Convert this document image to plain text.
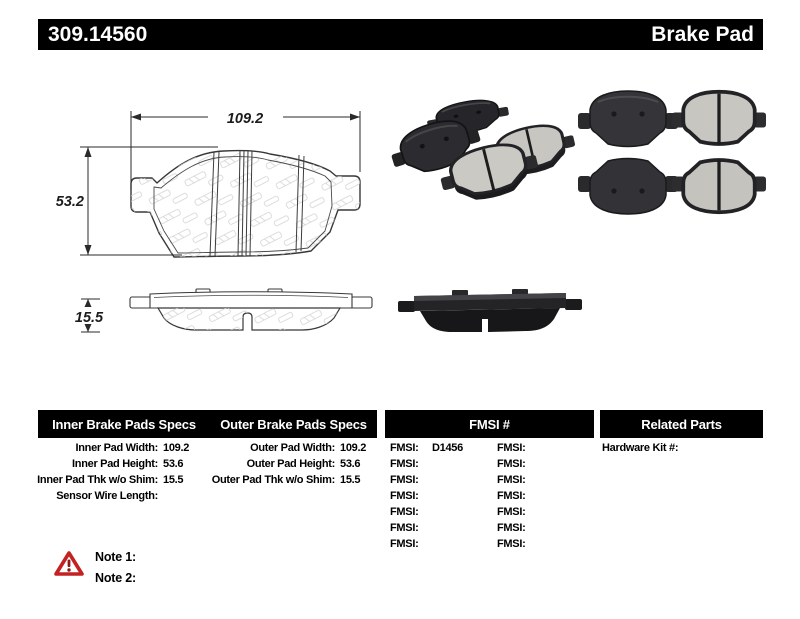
309.14560	Brake Pad
109.2
53.2
15.5
Inner Brake Pads Specs	Outer Brake Pads Specs	FMSI #	Related Parts
Inner Pad Width: 109.2
Inner Pad Height: 53.6
Inner Pad Thk w/o Shim: 15.5
Sensor Wire Length:
Outer Pad Width: 109.2
Outer Pad Height: 53.6
Outer Pad Thk w/o Shim: 15.5
FMSI: D1456
FMSI:
FMSI:
FMSI:
FMSI:
FMSI:
FMSI:
FMSI:
FMSI:
FMSI:
FMSI:
FMSI:
FMSI:
FMSI:
Hardware Kit #:
Note 1:
Note 2:
